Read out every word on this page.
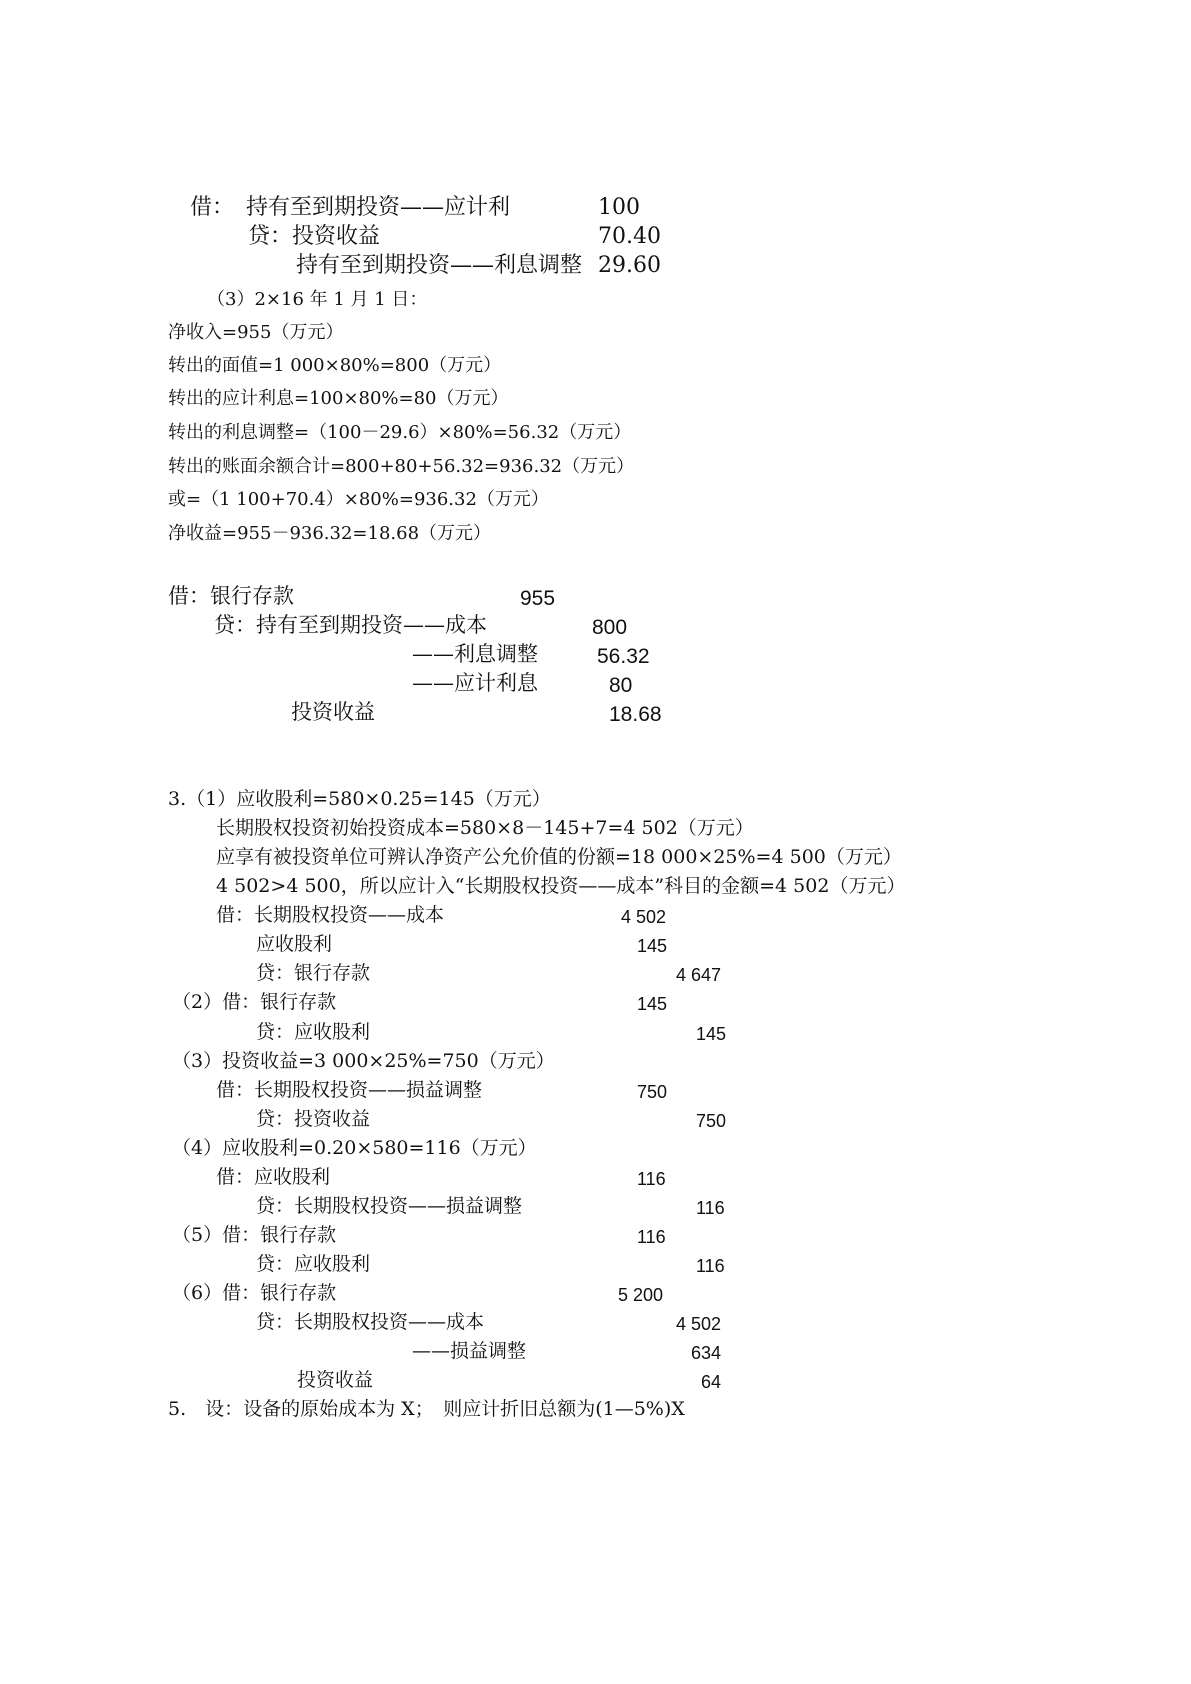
借： 持有至到期投资——应计利	100
贷：投资收益	70.40
持有至到期投资——利息调整 29.60
（3）2×16 年 1 月 1 日：
净收入=955（万元）
转出的面值=1 000×80%=800（万元）
转出的应计利息=100×80%=80（万元）
转出的利息调整=（100－29.6）×80%=56.32（万元）
转出的账面余额合计=800+80+56.32=936.32（万元）
或=（1 100+70.4）×80%=936.32（万元）
净收益=955－936.32=18.68（万元）
借：银行存款	955
贷：持有至到期投资——成本	800
——利息调整	56.32
——应计利息	80
投资收益	18.68
3.（1）应收股利=580×0.25=145（万元）
长期股权投资初始投资成本=580×8－145+7=4 502（万元）
应享有被投资单位可辨认净资产公允价值的份额=18 000×25%=4 500（万元）
4 502>4 500，所以应计入“长期股权投资——成本”科目的金额=4 502（万元）
借：长期股权投资——成本	4 502
应收股利	145
贷：银行存款	4 647
（2）借：银行存款	145
贷：应收股利	145
（3）投资收益=3 000×25%=750（万元）
借：长期股权投资——损益调整	750
贷：投资收益	750
（4）应收股利=0.20×580=116（万元）
借：应收股利	116
贷：长期股权投资——损益调整	116
（5）借：银行存款	116
贷：应收股利	116
（6）借：银行存款	5 200
贷：长期股权投资——成本	4 502
——损益调整	634
投资收益	64
5.　设：设备的原始成本为 X；　则应计折旧总额为(1—5%)X
